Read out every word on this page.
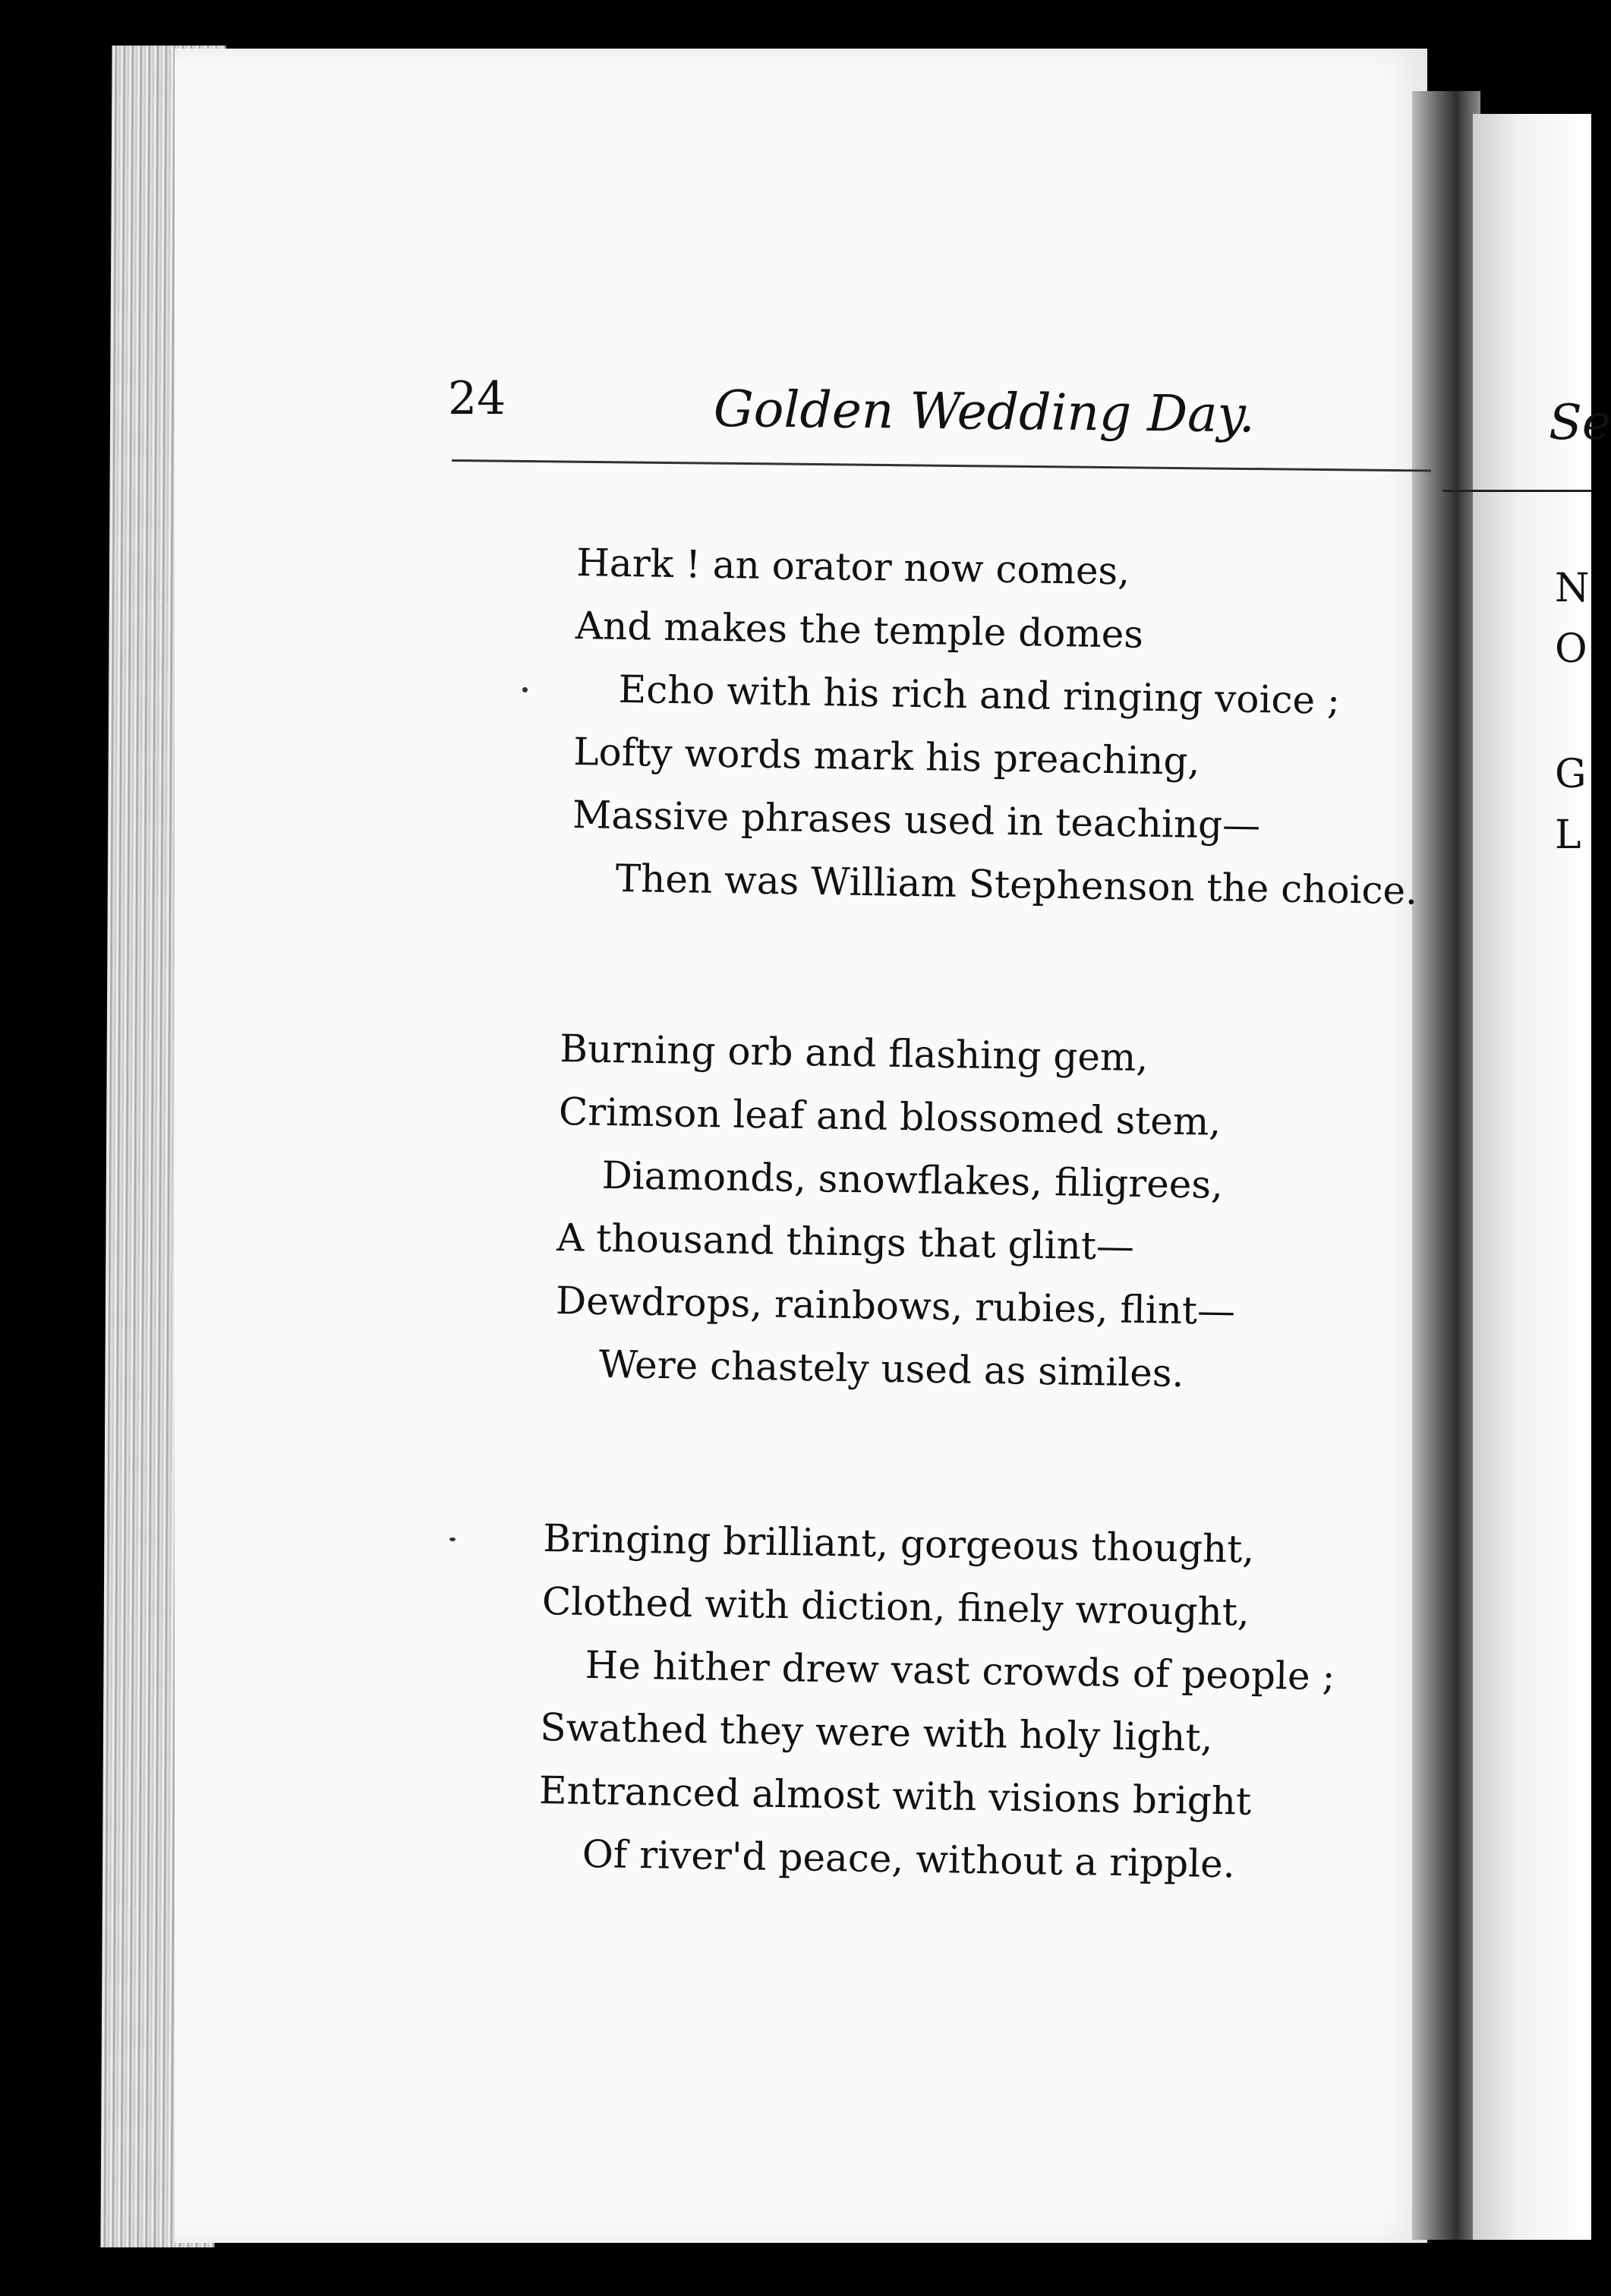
Se
N
O
G
L
24	Golden Wedding Day.
Hark ! an orator now comes,
And makes the temple domes
Echo with his rich and ringing voice ;
Lofty words mark his preaching,
Massive phrases used in teaching—
Then was William Stephenson the choice.
Burning orb and flashing gem,
Crimson leaf and blossomed stem,
Diamonds, snowflakes, filigrees,
A thousand things that glint—
Dewdrops, rainbows, rubies, flint—
Were chastely used as similes.
Bringing brilliant, gorgeous thought,
Clothed with diction, finely wrought,
He hither drew vast crowds of people ;
Swathed they were with holy light,
Entranced almost with visions bright
Of river'd peace, without a ripple.
